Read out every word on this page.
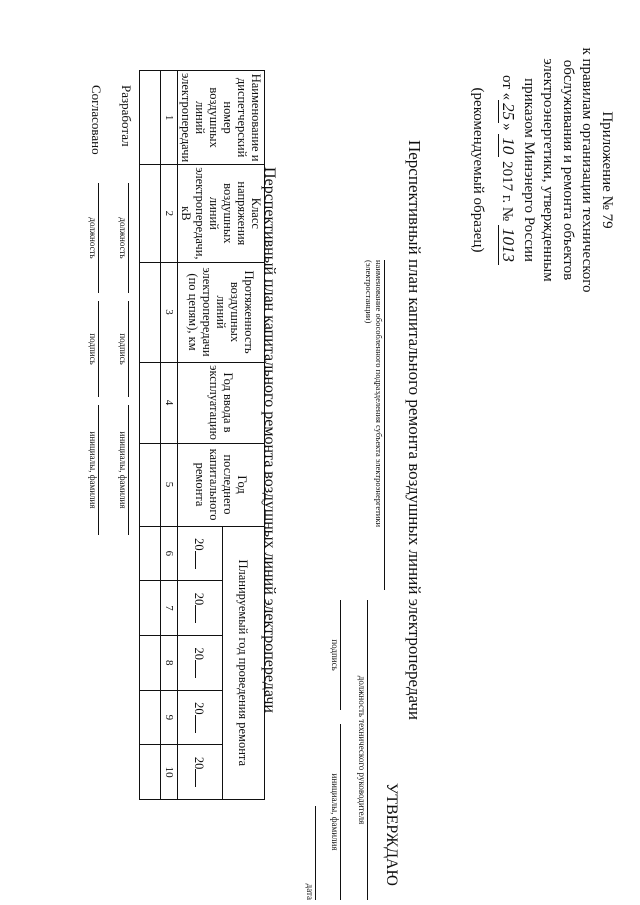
Приложение № 79
к правилам организации технического
обслуживания и ремонта объектов
электроэнергетики, утвержденным
приказом Минэнерго России
от «25» 10 2017 г. № 1013
(рекомендуемый образец)
Перспективный план капитального ремонта воздушных линий электропередачи
УТВЕРЖДАЮ
должность технического руководителя
подпись
инициалы, фамилия
дата
наименование обособленного подразделения субъекта электроэнергетики (электростанции)
Перспективный план капитального ремонта воздушных линий электропередачи
Наименование и диспетчерский номер воздушных линий электропередачи	Класс напряжения воздушных линий электропередачи, кВ	Протяженность воздушных линий электропередачи (по цепям), км	Год ввода в эксплуатацию	Год последнего капитального ремонта	Планируемый год проведения ремонта				
					20	20	20	20	20
1	2	3	4	5	6	7	8	9	10

Разработал
должность
подпись
инициалы, фамилия
Согласовано
должность
подпись
инициалы, фамилия
